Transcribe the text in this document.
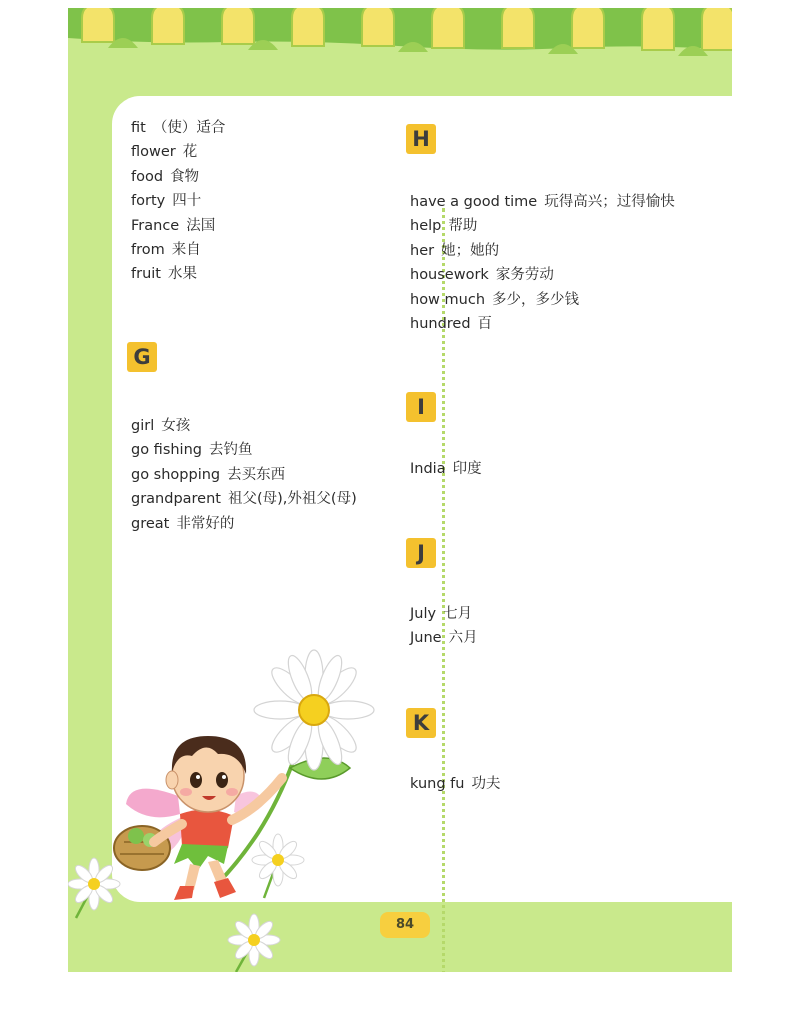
fit （使）适合
flower 花
food 食物
forty 四十
France 法国
from 来自
fruit 水果
G
girl 女孩
go fishing 去钓鱼
go shopping 去买东西
grandparent 祖父(母),外祖父(母)
great 非常好的
H
have a good time 玩得高兴；过得愉快
help 帮助
her 她；她的
housework 家务劳动
how much 多少，多少钱
hundred 百
I
India 印度
J
July 七月
June 六月
K
kung fu 功夫
84
